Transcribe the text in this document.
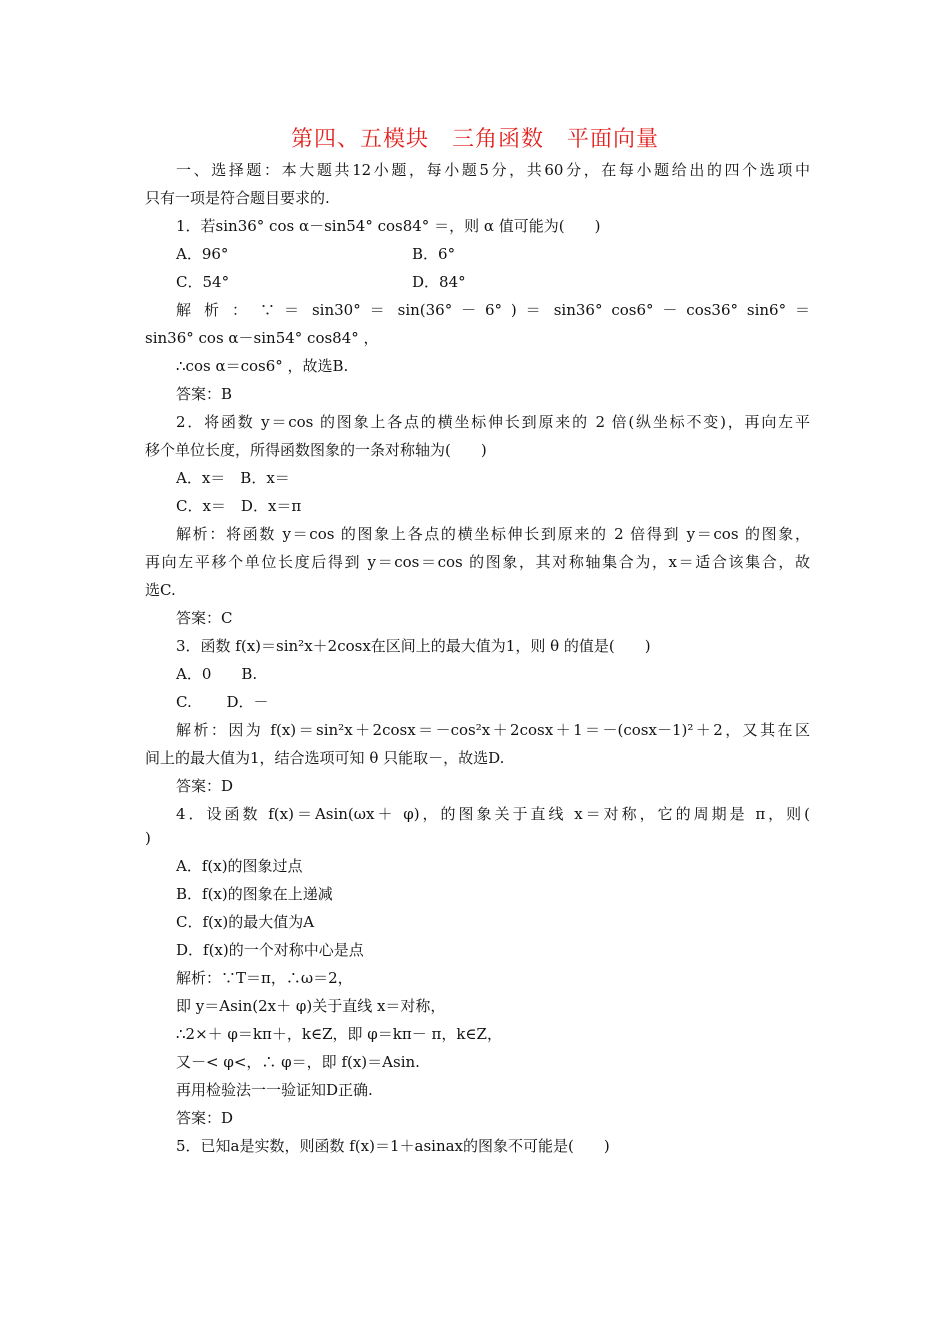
第四、五模块　三角函数　平面向量
一、选择题：本大题共12小题，每小题5分，共60分，在每小题给出的四个选项中
只有一项是符合题目要求的.
1．若sin36° cos α－sin54° cos84° ＝，则 α 值可能为(　　)
A．96°	B．6°
C．54°	D．84°
解 析 ： ∵ ＝ sin30° ＝ sin(36° － 6° ) ＝ sin36° cos6° － cos36° sin6° ＝
sin36° cos α－sin54° cos84° ，
∴cos α＝cos6° ，故选B.
答案：B
2．将函数 y＝cos 的图象上各点的横坐标伸长到原来的 2 倍(纵坐标不变)，再向左平
移个单位长度，所得函数图象的一条对称轴为(　　)
A．x＝　B．x＝
C．x＝　D．x＝π
解析：将函数 y＝cos 的图象上各点的横坐标伸长到原来的 2 倍得到 y＝cos 的图象，
再向左平移个单位长度后得到 y＝cos＝cos 的图象，其对称轴集合为，x＝适合该集合，故
选C.
答案：C
3．函数 f(x)＝sin²x＋2cosx在区间上的最大值为1，则 θ 的值是(　　)
A．0　　B.
C.　　 D．－
解析：因为 f(x)＝sin²x＋2cosx＝－cos²x＋2cosx＋1＝－(cosx－1)²＋2，又其在区
间上的最大值为1，结合选项可知 θ 只能取－，故选D.
答案：D
4．设函数 f(x)＝Asin(ωx＋ φ)，的图象关于直线 x＝对称，它的周期是 π，则(
)
A．f(x)的图象过点
B．f(x)的图象在上递减
C．f(x)的最大值为A
D．f(x)的一个对称中心是点
解析：∵T＝π，∴ω＝2，
即 y＝Asin(2x＋ φ)关于直线 x＝对称，
∴2×＋ φ＝kπ＋，k∈Z，即 φ＝kπ－ π，k∈Z，
又－< φ<，∴ φ＝，即 f(x)＝Asin.
再用检验法一一验证知D正确.
答案：D
5．已知a是实数，则函数 f(x)＝1＋asinax的图象不可能是(　　)
